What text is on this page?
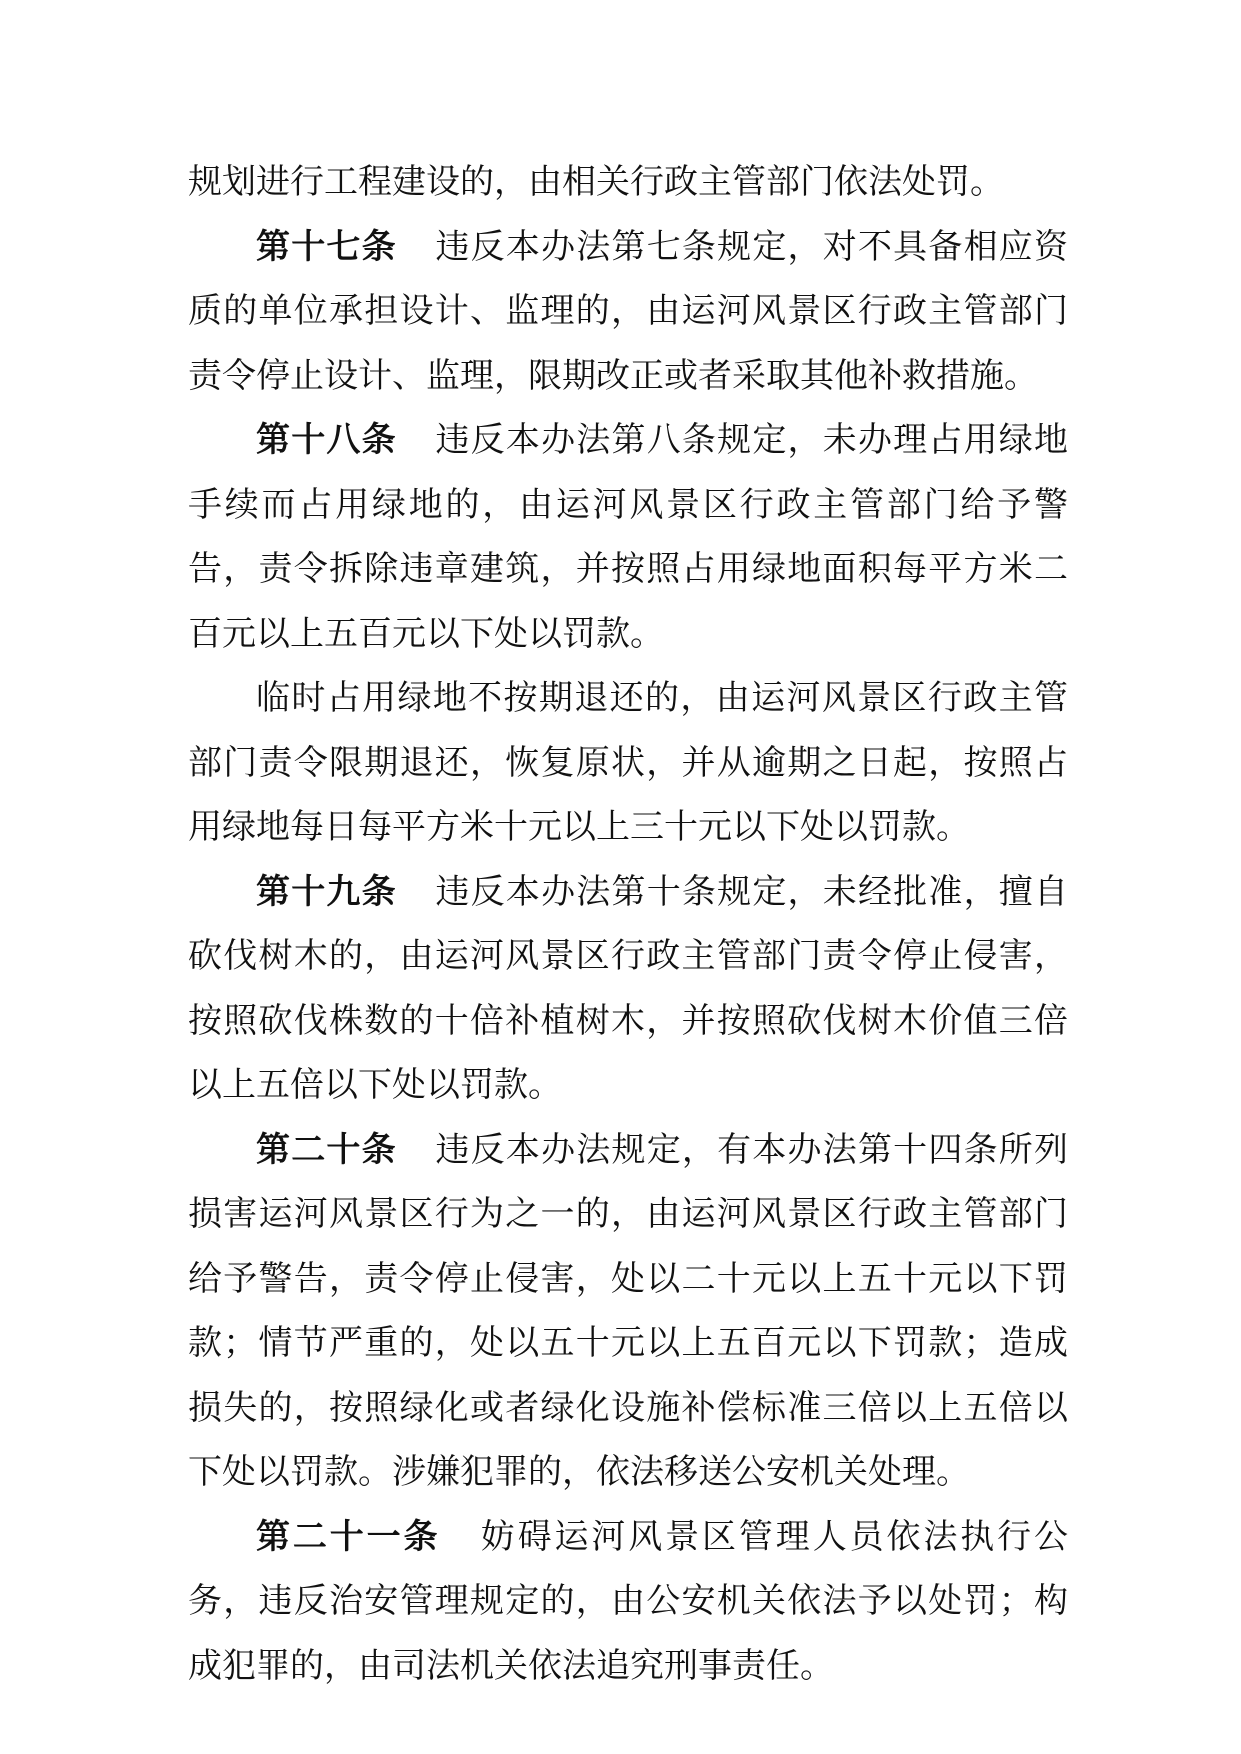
规划进行工程建设的，由相关行政主管部门依法处罚。

第十七条 违反本办法第七条规定，对不具备相应资质的单位承担设计、监理的，由运河风景区行政主管部门责令停止设计、监理，限期改正或者采取其他补救措施。

第十八条 违反本办法第八条规定，未办理占用绿地手续而占用绿地的，由运河风景区行政主管部门给予警告，责令拆除违章建筑，并按照占用绿地面积每平方米二百元以上五百元以下处以罚款。

临时占用绿地不按期退还的，由运河风景区行政主管部门责令限期退还，恢复原状，并从逾期之日起，按照占用绿地每日每平方米十元以上三十元以下处以罚款。

第十九条 违反本办法第十条规定，未经批准，擅自砍伐树木的，由运河风景区行政主管部门责令停止侵害，按照砍伐株数的十倍补植树木，并按照砍伐树木价值三倍以上五倍以下处以罚款。

第二十条 违反本办法规定，有本办法第十四条所列损害运河风景区行为之一的，由运河风景区行政主管部门给予警告，责令停止侵害，处以二十元以上五十元以下罚款；情节严重的，处以五十元以上五百元以下罚款；造成损失的，按照绿化或者绿化设施补偿标准三倍以上五倍以下处以罚款。涉嫌犯罪的，依法移送公安机关处理。

第二十一条 妨碍运河风景区管理人员依法执行公务，违反治安管理规定的，由公安机关依法予以处罚；构成犯罪的，由司法机关依法追究刑事责任。
